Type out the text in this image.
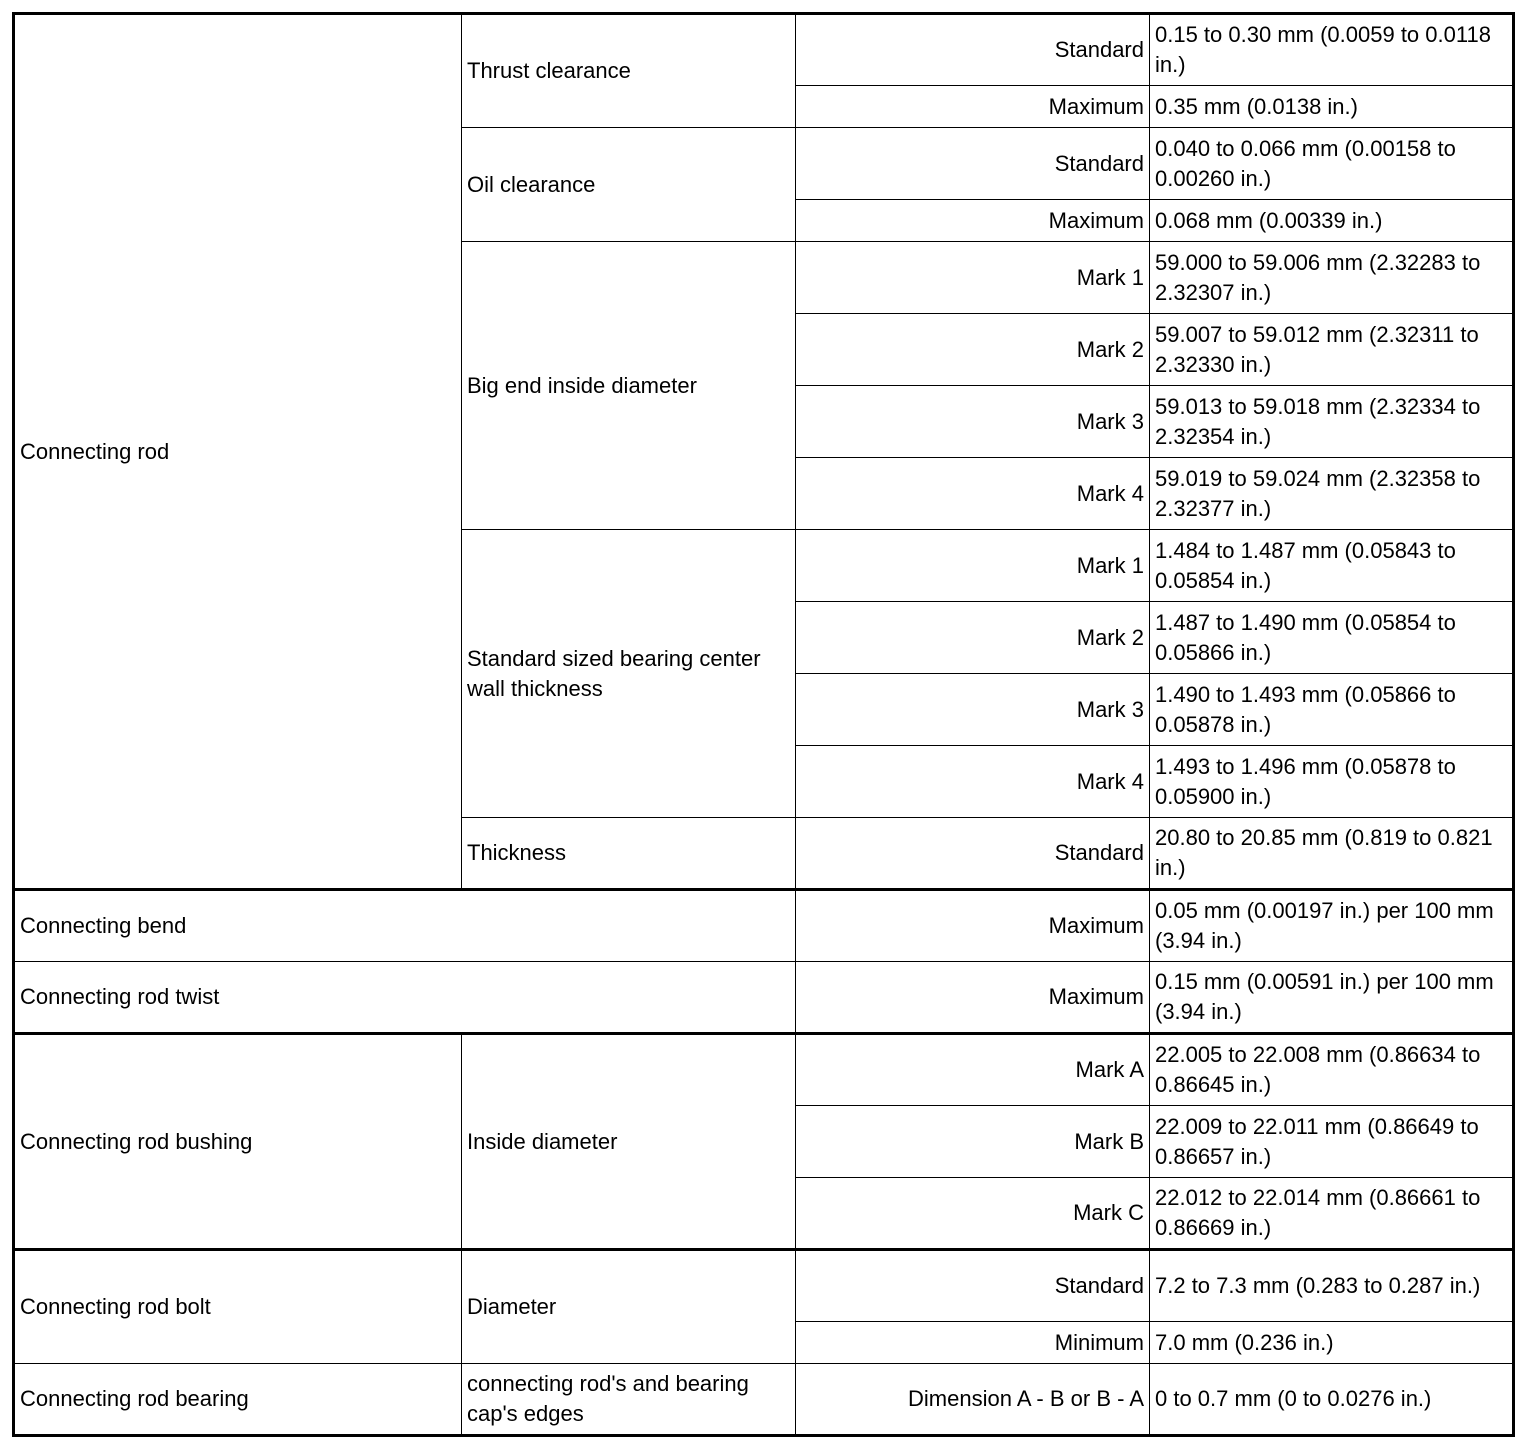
Connecting rod	Thrust clearance	Standard	0.15 to 0.30 mm (0.0059 to 0.0118 in.)
		Maximum	0.35 mm (0.0138 in.)
	Oil clearance	Standard	0.040 to 0.066 mm (0.00158 to 0.00260 in.)
		Maximum	0.068 mm (0.00339 in.)
	Big end inside diameter	Mark 1	59.000 to 59.006 mm (2.32283 to 2.32307 in.)
		Mark 2	59.007 to 59.012 mm (2.32311 to 2.32330 in.)
		Mark 3	59.013 to 59.018 mm (2.32334 to 2.32354 in.)
		Mark 4	59.019 to 59.024 mm (2.32358 to 2.32377 in.)
	Standard sized bearing center wall thickness	Mark 1	1.484 to 1.487 mm (0.05843 to 0.05854 in.)
		Mark 2	1.487 to 1.490 mm (0.05854 to 0.05866 in.)
		Mark 3	1.490 to 1.493 mm (0.05866 to 0.05878 in.)
		Mark 4	1.493 to 1.496 mm (0.05878 to 0.05900 in.)
	Thickness	Standard	20.80 to 20.85 mm (0.819 to 0.821 in.)
Connecting bend		Maximum	0.05 mm (0.00197 in.) per 100 mm (3.94 in.)
Connecting rod twist		Maximum	0.15 mm (0.00591 in.) per 100 mm (3.94 in.)
Connecting rod bushing	Inside diameter	Mark A	22.005 to 22.008 mm (0.86634 to 0.86645 in.)
		Mark B	22.009 to 22.011 mm (0.86649 to 0.86657 in.)
		Mark C	22.012 to 22.014 mm (0.86661 to 0.86669 in.)
Connecting rod bolt	Diameter	Standard	7.2 to 7.3 mm (0.283 to 0.287 in.)
		Minimum	7.0 mm (0.236 in.)
Connecting rod bearing	connecting rod's and bearing cap's edges	Dimension A - B or B - A	0 to 0.7 mm (0 to 0.0276 in.)
